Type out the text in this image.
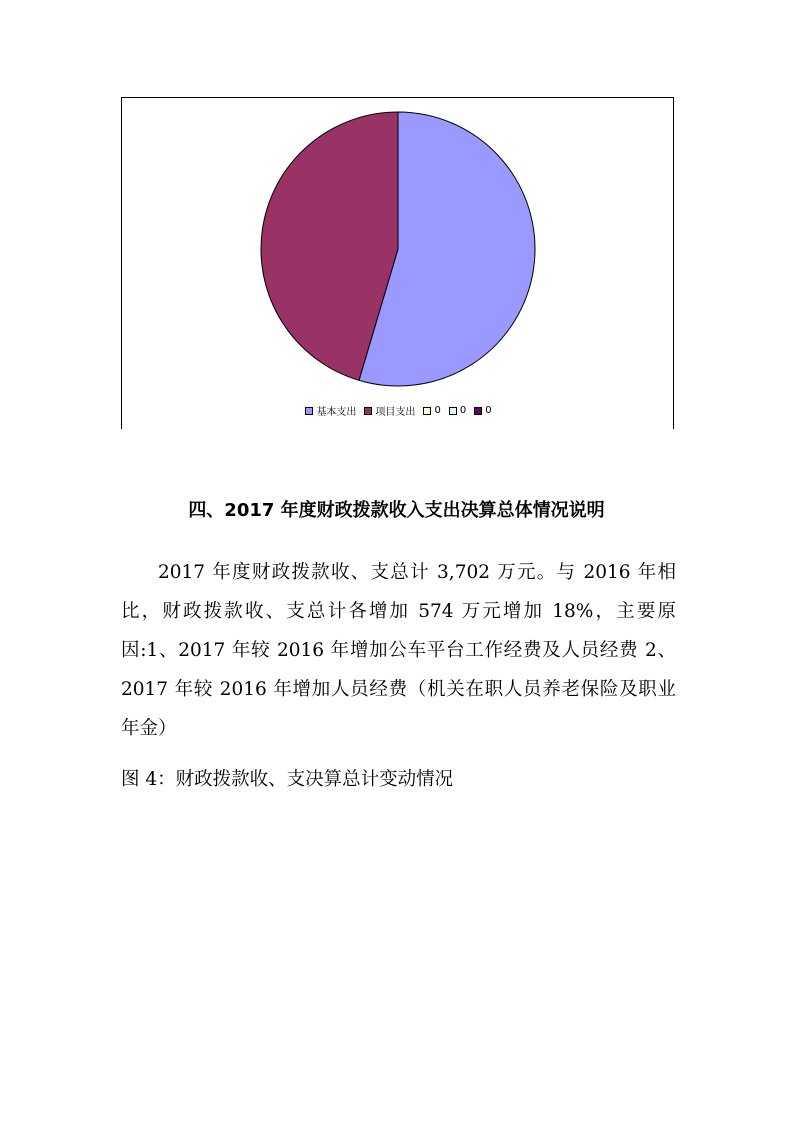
基本支出 项目支出 0 0 0
四、2017 年度财政拨款收入支出决算总体情况说明

2017 年度财政拨款收、支总计 3,702 万元。与 2016 年相比，财政拨款收、支总计各增加 574 万元增加 18%，主要原因:1、2017 年较 2016 年增加公车平台工作经费及人员经费 2、2017 年较 2016 年增加人员经费（机关在职人员养老保险及职业年金）

图 4：财政拨款收、支决算总计变动情况
